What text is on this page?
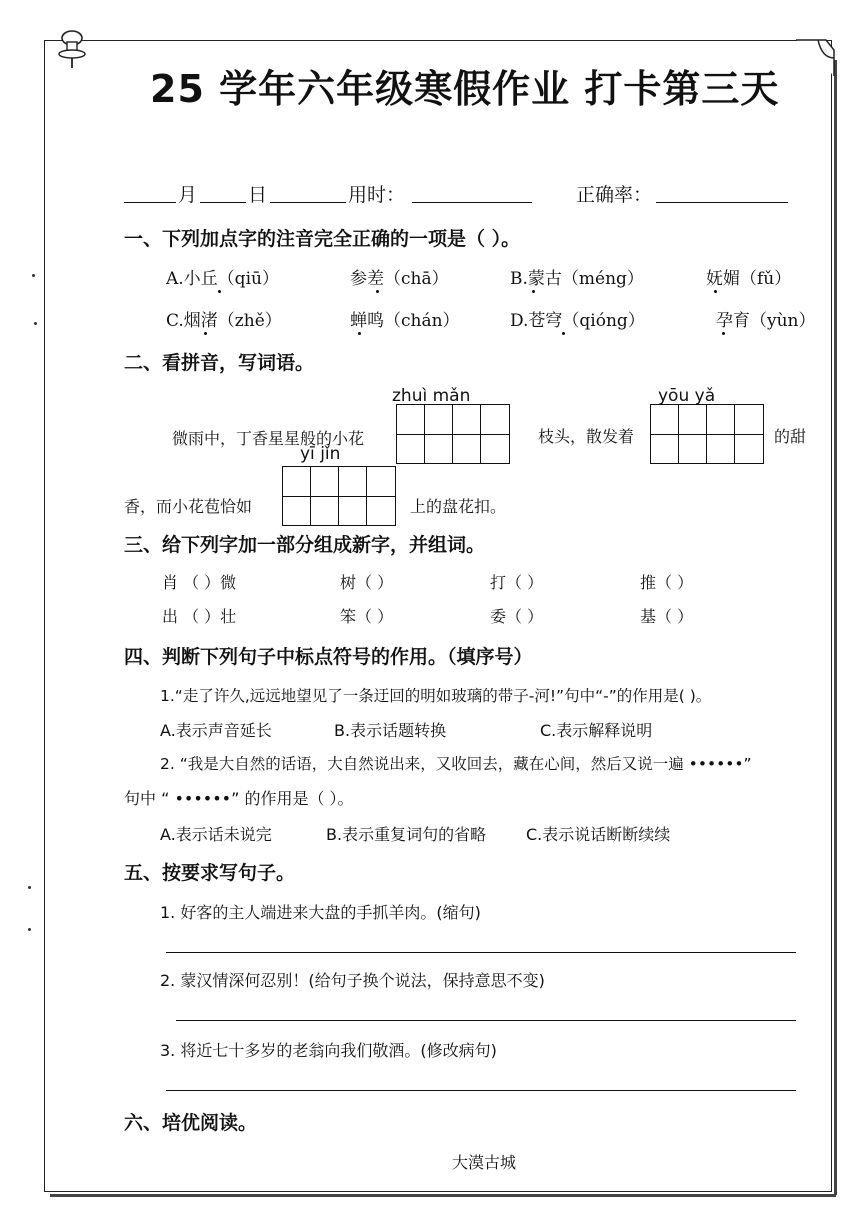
25 学年六年级寒假作业 打卡第三天
月	日	用时：	正确率：
一、下列加点字的注音完全正确的一项是（ ）。
A.小丘（qiū）	参差（chā）	B.蒙古（méng）	妩媚（fǔ）
C.烟渚（zhě）	蝉鸣（chán）	D.苍穹（qióng）	孕育（yùn）
二、看拼音，写词语。
zhuì mǎn	yōu yǎ
微雨中，丁香星星般的小花	枝头，散发着	的甜
yī jǐn
香，而小花苞恰如	上的盘花扣。
三、给下列字加一部分组成新字，并组词。
肖 （ ）微	树（ ）	打（ ）	推（ ）
出 （ ）壮	笨（ ）	委（ ）	基（ ）
四、判断下列句子中标点符号的作用。（填序号）
1.“走了许久,远远地望见了一条迂回的明如玻璃的带子-河!”句中“-”的作用是( )。
A.表示声音延长	B.表示话题转换	C.表示解释说明
2. “我是大自然的话语，大自然说出来，又收回去，藏在心间，然后又说一遍 ••••••”
句中 “ ••••••” 的作用是（ ）。
A.表示话未说完	B.表示重复词句的省略 C.表示说话断断续续
五、按要求写句子。
1. 好客的主人端进来大盘的手抓羊肉。(缩句)
2. 蒙汉情深何忍别！(给句子换个说法，保持意思不变)
3. 将近七十多岁的老翁向我们敬酒。(修改病句)
六、培优阅读。
大漠古城
